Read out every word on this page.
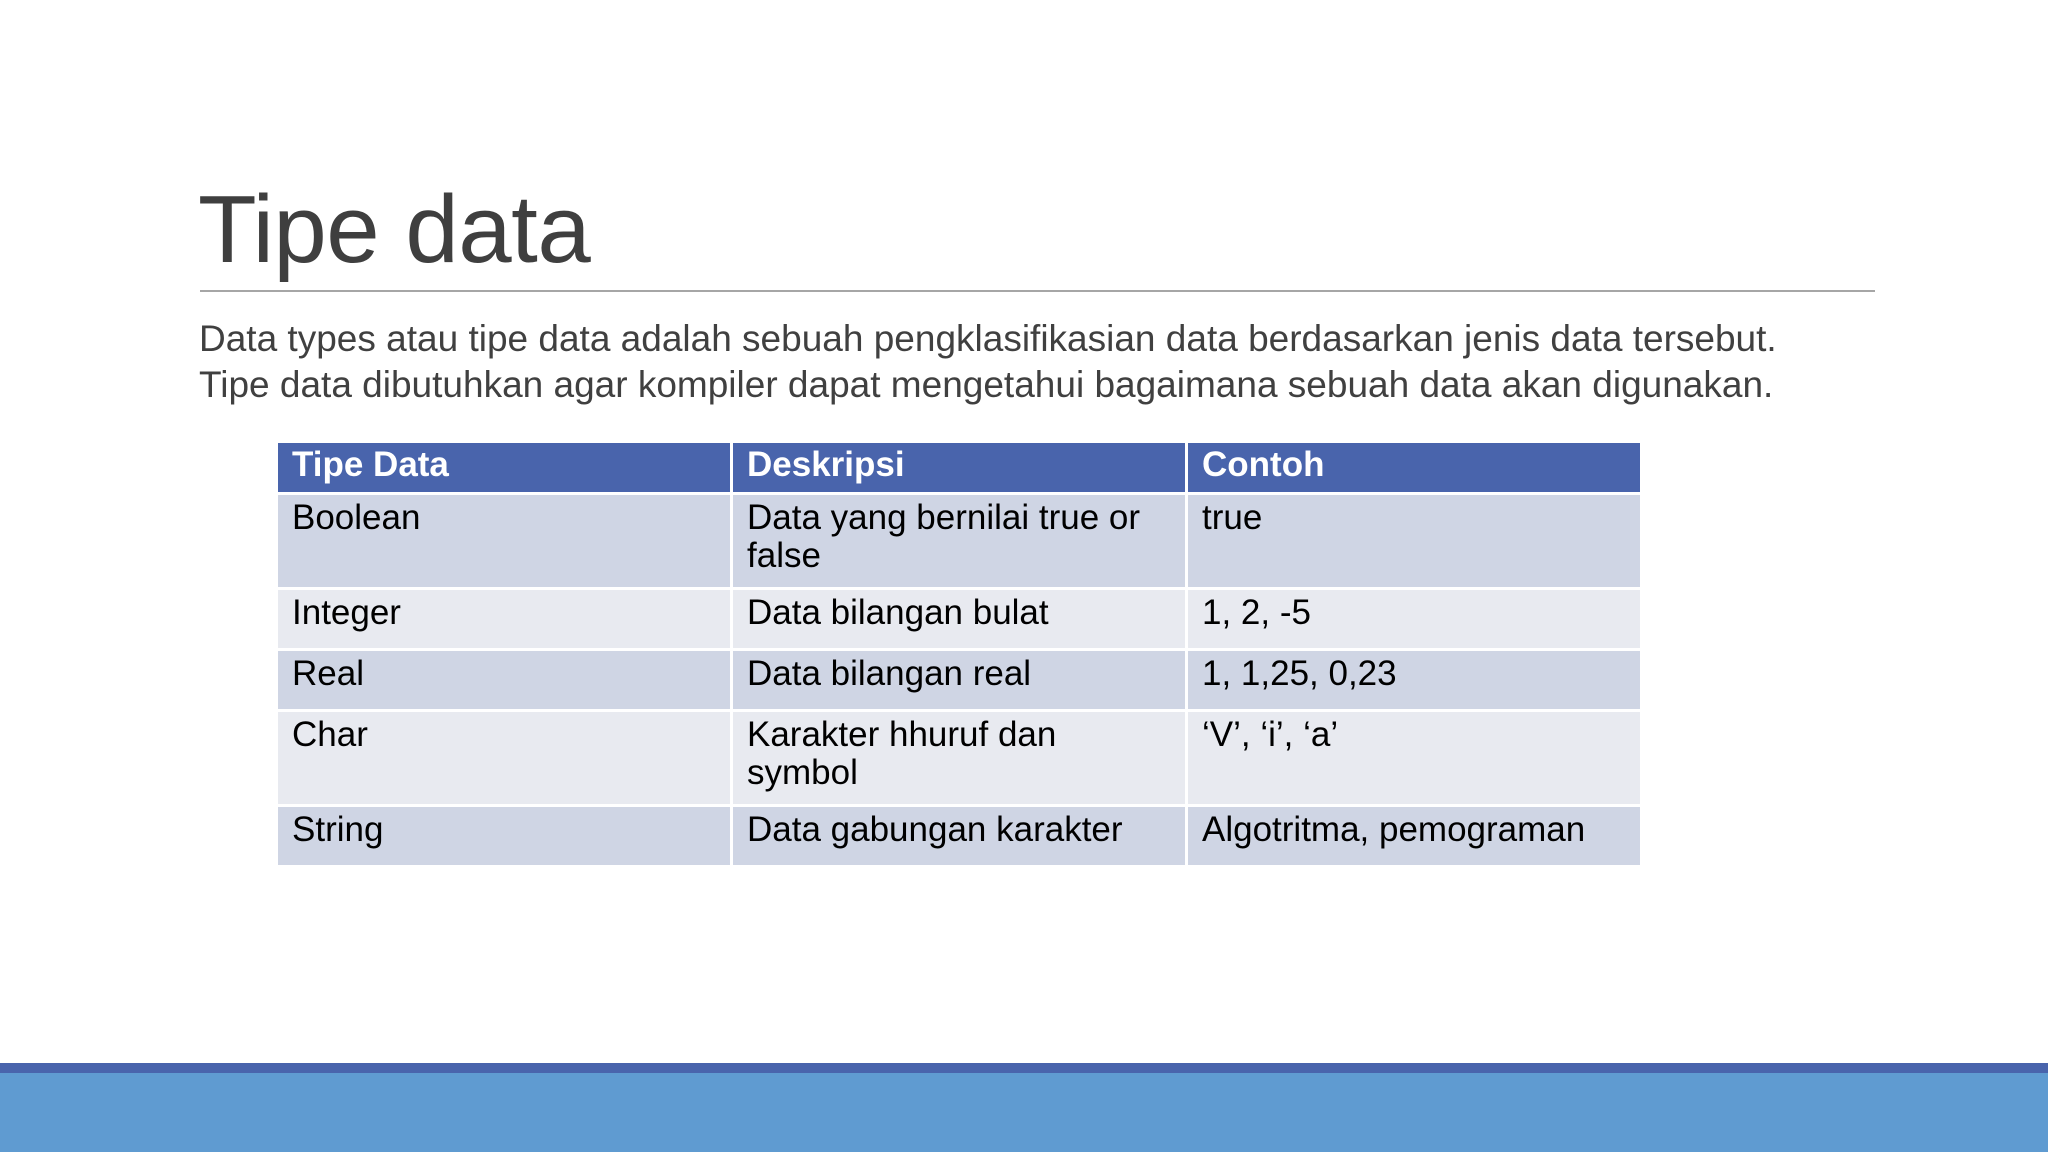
Tipe data

Data types atau tipe data adalah sebuah pengklasifikasian data berdasarkan jenis data tersebut.

Tipe data dibutuhkan agar kompiler dapat mengetahui bagaimana sebuah data akan digunakan.

Tipe Data	Deskripsi	Contoh
Boolean	Data yang bernilai true or false	true
Integer	Data bilangan bulat	1, 2, -5
Real	Data bilangan real	1, 1,25, 0,23
Char	Karakter hhuruf dan symbol	‘V’, ‘i’, ‘a’
String	Data gabungan karakter	Algotritma, pemograman
